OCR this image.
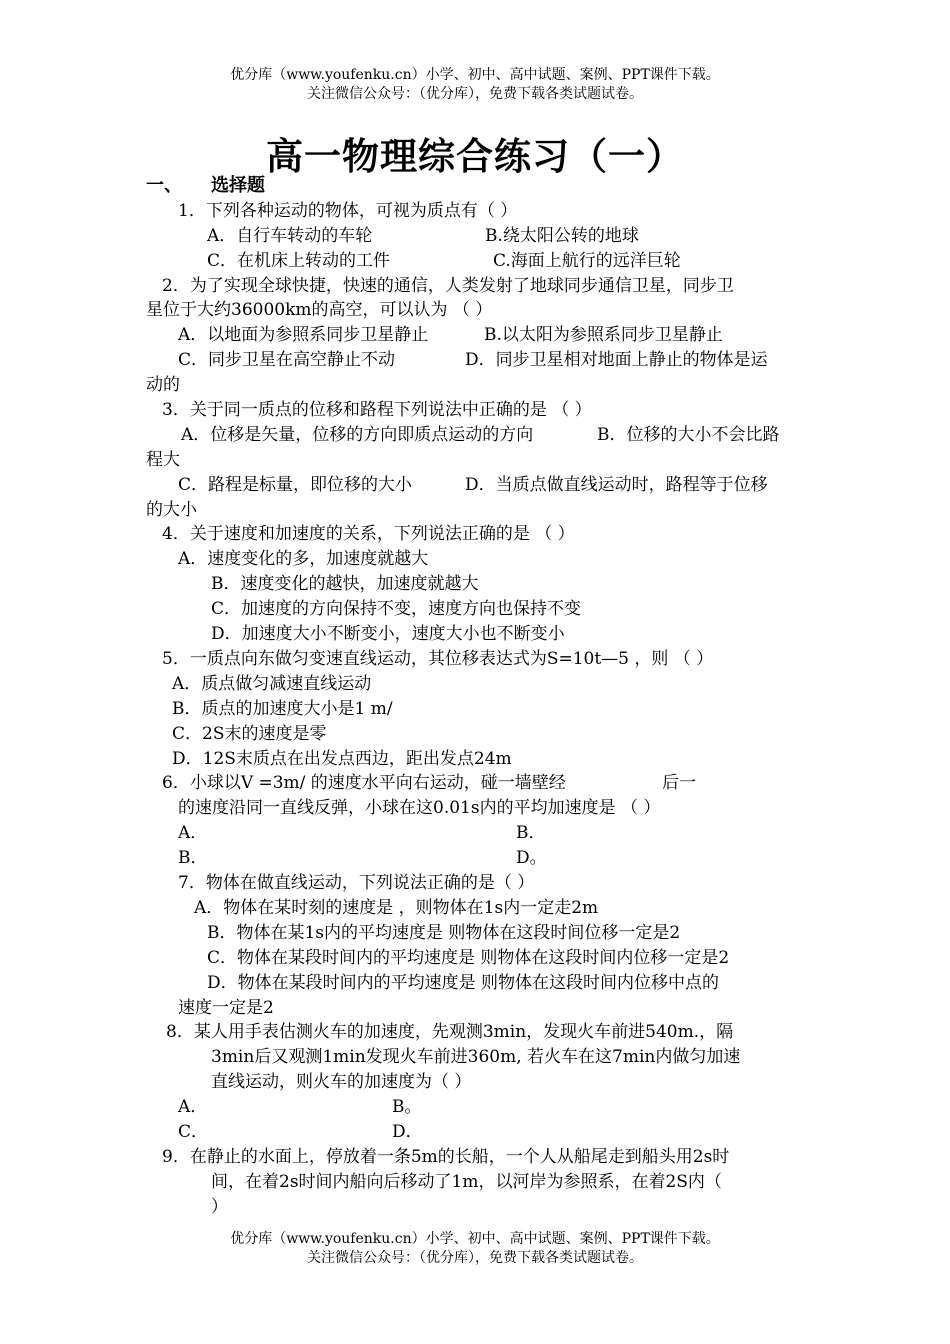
优分库（www.youfenku.cn）小学、初中、高中试题、案例、PPT课件下载。
关注微信公众号：（优分库），免费下载各类试题试卷。
高一物理综合练习（一）
一、 选择题
1．下列各种运动的物体，可视为质点有（ ）
A．自行车转动的车轮	B.绕太阳公转的地球
C．在机床上转动的工件	C.海面上航行的远洋巨轮
2．为了实现全球快捷，快速的通信，人类发射了地球同步通信卫星，同步卫
星位于大约36000km的高空，可以认为 （ ）
A．以地面为参照系同步卫星静止	B.以太阳为参照系同步卫星静止
C．同步卫星在高空静止不动	D．同步卫星相对地面上静止的物体是运
动的
3．关于同一质点的位移和路程下列说法中正确的是 （ ）
A．位移是矢量，位移的方向即质点运动的方向	B．位移的大小不会比路
程大
C．路程是标量，即位移的大小	D．当质点做直线运动时，路程等于位移
的大小
4．关于速度和加速度的关系，下列说法正确的是 （ ）
A．速度变化的多，加速度就越大
B．速度变化的越快，加速度就越大
C．加速度的方向保持不变，速度方向也保持不变
D．加速度大小不断变小，速度大小也不断变小
5．一质点向东做匀变速直线运动，其位移表达式为S=10t—5 ，则 （ ）
A．质点做匀减速直线运动
B．质点的加速度大小是1 m/
C．2S末的速度是零
D．12S末质点在出发点西边，距出发点24m
6．小球以V =3m/ 的速度水平向右运动，碰一墙壁经	后一
的速度沿同一直线反弹，小球在这0.01s内的平均加速度是 （ ）
A．	B．
B．	D。
7．物体在做直线运动，下列说法正确的是（ ）
A．物体在某时刻的速度是 ，则物体在1s内一定走2m
B．物体在某1s内的平均速度是 则物体在这段时间位移一定是2
C．物体在某段时间内的平均速度是 则物体在这段时间内位移一定是2
D．物体在某段时间内的平均速度是 则物体在这段时间内位移中点的
速度一定是2
8．某人用手表估测火车的加速度，先观测3min，发现火车前进540m.，隔
3min后又观测1min发现火车前进360m, 若火车在这7min内做匀加速
直线运动，则火车的加速度为（ ）
A．	B。
C．	D．
9．在静止的水面上，停放着一条5m的长船，一个人从船尾走到船头用2s时
间，在着2s时间内船向后移动了1m，以河岸为参照系，在着2S内（
）
优分库（www.youfenku.cn）小学、初中、高中试题、案例、PPT课件下载。
关注微信公众号：（优分库），免费下载各类试题试卷。
